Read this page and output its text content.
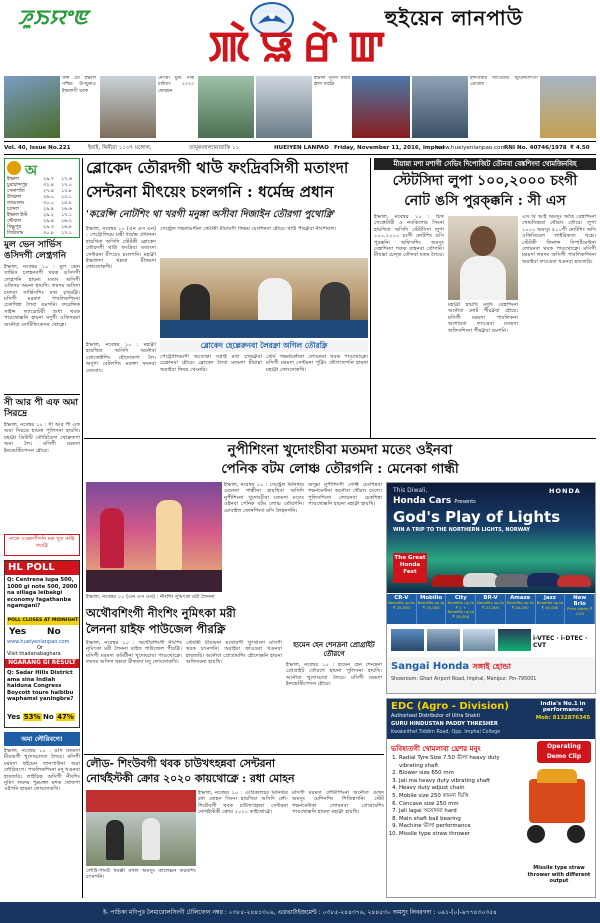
ꯍꯨꯏꯌꯦꯟ	হুইয়েন লানপাউ
ꯄꯥꯎꯔꯥꯛ
থাঙ্গ চৌ ইম্ফাল পশ্চিম উপচুনাও ইম্ফালগী থবক
নোংমী ভুর্মি পীক চাউখৎ ২০২০ ফোরমন
ইম্ফাল পূর্বগী ময়াম ক্লাস থম্মক্নি
ইন্সপায়ার অ্যাওয়ার্ড স্টুডেন্টশিংগী প্রোগ্রাম
Vol. 40, Issue No.221	ইরাই, থিনীরা ১১৩৭ মঙ্গোল,	তামূকলাল্যানাবাকি ১১	HUEIYEN LANPAO Friday, November 11, 2016, Imphal
www.hueiyenlanpao.com
RNI No. 40746/1978 ₹ 4.50
অ
ইম্ফাল	২৯.৭	১৭.৬
চুরাচান্দপুর	৩২.৪	১৭.০
সেনাপতি	২৭.৪	১৩.৮
উখরুল	২৬.০	১৩.১
তামেংলং	৩০.০	১৫.৮
চন্দেল	২৯.৪	১৬.৬
ইম্ফাল ইস্ট	২৯.২	১৭.১
থৌবাল	২৯.৪	১৬.২
বিষ্ণুপুর	২৯.৩	১৬.৮
জিরিবাম	৩০.৮	১৭.১
মুল ভেন সার্ভিস ঙসিদগী লেপ্ত্রগনি
ইম্ফাল, নবেম্বর ১০ : মুল ভেন সার্ভিস চলহনবগী থবক ঙসিদগী লেপ্ত্রগনি হায়না মতাং অসিগী ওফিসর অমনা হায়খি। লমদম অসিদা চংলবা সার্ভিসশিং মখা চত্থরক্নি। মসিগী মরমদা পাবলিকশিংনা চেকশিন্না লৈবা ঙমগনি। ফরেন্সিক সাইন্স ল্যাব্রোটরী শুধা থবক পাঙথোক্কনি হায়না মদুগী ওফিসরনা অনৌবা নোটিফিকেসন থোক্লে।
সী আর পী এফ অমা সিরদ্রে
ইম্ফাল, নবেম্বর ১০ : সী আর পী এফ অমা সিরদ্রে হায়না পুলিসনা হায়খি। মহাক্না ডিউটি তৌরিঙৈদা থোক্লকপা অমা লৈ। মসিগী মরমদা ইনভেস্টিগেসন হৌরে।
নাকে ওক্কেনগীদনি মরু খুত কঞ্জি থম্মক্নি
HL POLL
Q: Centrena lupa 500, 1000 gi note 500, 2000 na sillaga leibakgi economy fagathanba ngamgani?
POLL CLOSES AT MIDNIGHT
Yes No
www.hueiyenlanpao.com
Or
Visit thadanabaghara
NGARANG GI RESULT
Q: Sadar Hills District ama sina Indiah haiduna Congress Boycott toure haibibu waphamsi yaningbra?
Yes 53% No 47%
অমা লৌরিবগে!
ইম্ফাল, নবেম্বর ১০ : ঙসি মতমদা মীয়ামগী খুদোংচাদবা লৈরে। মসিগী মরমদা হুইয়েন লানপাউনা অমা লৌরিবগে। পাবলিকশিংনা মদু খঙনবা হায়জরি। লাইরিক অসিগী নীংশিং নুমিৎ লমদম পুম্নমক্তা মশক থোকপা ওইগনি হায়না ফোংদোকখি।
ব্লোকেদ তৌরদগী থাউ ফংদ্রিবসিগী মতাংদা
সেন্টরনা মীৎয়েং চংলগনি : ধর্মেন্দ্র প্রধান
'করেপ্সি নোটশিং থা খরগী মনুঙ্গা অসীবা দিজাইন তৌরগা পুথোক্নি'
ইম্ফাল, নবেম্বর ১০ (এন এস এন) : পেট্রোলিয়ম মন্ত্রী ধর্মেন্দ্র প্রধাননা হায়খিবা অসিদি স্টেটকী ব্লোকেদ তৌরদগী থাউ ফংদ্রিবা মতাংদা সেন্টরনা মীৎয়েং চংলগনি। মহাক্না ইম্ফালদা থম্লবা মীফমদা ফোংদোকখি।
সেন্ট্রেল গভর্নমেন্টনা স্টেটকী মীয়ামগী ফিভম য়েংশিনবা হৌরে। থাউ পীরক্নবা নীংশিংলি।
ব্লোকেদ হেল্লেরুনবা লৈরক্না অগিল তৌরক্নি
ইম্ফাল, নবেম্বর ১০ : মহাক্না হায়খিবা অসিদি অনৌবা প্রোজেক্টশিং হৌদোকপা লৈ। অদুগা বেটলশিং মরক্তা ফংনবা তেংবাং।
পেট্রোলিয়মগী অতোপ্পা সপ্লাই মখা চত্থরক্নবা চেক্লানবা হৌরে। ব্লোকেদ লৈবা মতমদা মীয়াম্না অরাইবা ফিবম থেংনরি।
স্টেট গভর্নমেন্টকা লোয়নবা থবক পাঙথোক্লে। মসিগী মরমদা সেন্টরনা পুক্নিং থৌগৎলগনি হায়না মহাক্না ফোংদোকখি।
মীয়ান্না মশা মশাগী সেভিং দিপোজিট তৌনবা বেঙ্কশিংদা থোমজিনবিহ
স্টেটসিদা লুপা ১০০,২০০০ চংগী
নোট ঙসি পুরক্ক্কনি : সী এস
ইম্ফাল, নবেম্বর ১০ : চিফ সেক্রেটারী ও নবকিশোর সিংনা হায়খিবা অসিদি স্টেটসিদা লুপা ১০০,২০০০ চংগী নোটশিং ঙসি পুরক্কনি। অফিসশিং অমসুং বেঙ্কশিংদা শরুক য়াহনবা তৌগনি। মীয়াম্না চেন্জ তৌনবা মতম লৈরে।
মহাক্না হায়খি মদুদি বেঙ্কশিংনা অনৌবা নোট পীরক্নবা হৌরে। মসিগী মরমদা পাবলিকনা অশোয়বা ফাওদ্রবা মতমদা অফিসশিংদা পীরক্নবা ঙমগনি।
এস বি আই অমসুং অতৈ বেঙ্কশিংনা খোমজিন্নবা থৌরাং তৌরে। লুপা ১০০০ অমসুং ৫০০গী নোটশিং অসি ওফিসিয়েল লাইরিকতা থম্লে। স্টেটকী ফিনান্স দিপার্টমেন্টনা লোয়নবা থবক পাঙথোক্লে। মসিগী মরমদা লমদম অসিগী পাবলিকশিংনা অরাইবা ফাওদ্রবা খঙনবা হায়জরি।
নুপীশিংনা খুদোংচীবা মতমদা মতেং ওইনবা
পেনিক বটম লোঞ্চ তৌরগনি : মেনেকা গান্ধী
ইম্ফাল, নবেম্বর ১০ : সেন্ট্রেল মিনিস্টর মেনেকা গান্ধীনা হায়খিবা অসিদি নুপীশিংনা খুদোংচীবা মতমদা মতেং ওইনবা পেনিক বটম লোঞ্চ তৌরগনি। মোবাইল ফোনশিংদা মসি লৈহনগনি।
অসুম্না নুপীশিংগী সেফ্টি য়েংশিন্নবা গভর্নমেন্টনা অনৌবা থৌরাং চংলে। পুলিসশিংদা লোয়নবা চেকশিন্না পাঙথোক্কনি হায়না মহাক্না হায়খি।
ইম্ফাল, নবেম্বর ১০ (এন এস এন) : নীংশিং নুমিৎকা মরী লৈননা
অথৌবশিংগী নীংশিং নুমিৎকা মরী
লৈননা য়াইফ পাউজেল পীরক্নি
ইম্ফাল, নবেম্বর ১০ : অথৌবশিংগী নীংশিং নুমিৎকা মরী লৈননা য়াইফ পাউজেল পীরক্নি। মসিগী মরমদা কমিটীনা খুদোংচাবা পাঙথোক্লে। লমদম অসিদা থম্লবা মীফমদা মদু ফোংদোকখি।
স্টেটকী মীয়ামনা মখোয়গী খুৎথাংদা মসিগী থবক চৎনগনি। অরাইবা ফাওদ্রবা খঙনবা হায়জরি। অনৌবা প্রোগ্রামশিং হৌদোক্কনি হায়না অফিসরনা হায়খি।
হ্যমেন হেন শেনদ্রনা প্রোগ্রাইট তৌরগে
ইম্ফাল, নবেম্বর ১০ : হ্যমেন হেন শেনদ্রনা প্রোগ্রাইট তৌরগে হায়না পুলিসনা হায়খি। অনৌবা খুদোংচাবা লৈরে। মসিগী মরমদা ইনভেস্টিগেসন হৌরে।
This Diwali,
Honda Cars Presents
God's Play of Lights
WIN A TRIP TO THE NORTHERN LIGHTS, NORWAY
HONDA
The Great Honda Fest
CR-V
Benefits up to ₹ 25,000
Mobilio
Benefits up to ₹ 70,000
City
Benefits up to ₹ 1 + Benefits up to ₹ 35,000
BR-V
Benefits up to ₹ 21,000
Amaze
Benefits up to ₹ 40,000
Jazz
Benefits up to ₹ 40,000
New Brio
Price starts ₹ 4.29
i-VTEC · i-DTEC · CVT
Sangai Honda সঙ্গাই হোন্ডা
Showroom: Ghari Airport Road, Imphal, Manipur, Pin-795001
লৌড- শিংউবগী থবক চাউখৎহন্নবা সেন্টরনা
নোর্থইস্টকী ক্রোর ২০২০ কায়থোক্নে : রধা মোহন
ইম্ফাল, নবেম্বর ১০ : এগ্রিকালচর মিনিস্টর রধা মোহন সিংনা হায়খিবা অসিদি লৌ-শিংউবগী থবক চাউখৎহন্নবা সেন্টরনা নোর্থইস্টকী ক্রোর ২০২০ কাইথোক্নে।
মসিগী মরমদা লৌমীশিংনা অনৌবা মেথদ অমসুং মেশিনশিং শিজিন্নগনি। স্টেট গভর্নমেন্টকা লোয়নবা প্রোগ্রামশিং পাঙথোক্কনি হায়না মহাক্না হায়খি।
লৌউ-শিংউ থবক্কী মখল অমসুং কালেক্সন ফরমশিং চৎনগনি।
EDC (Agro - Division)
Authorised Distributor of Ultra Shakti
GURU HINDUSTAN PADDY THRESHER
Kwakeithel Tiddim Road, Opp. Imphal College
India's No.1 in performance
Mob: 8132876345
Operating Demo Clip
ভবিষ্যতগী খোমলাবা থ্রেশর মনুং
1. Radial Tyre Size 7.50 ডীলা heavy duty vibrating shaft
2. Blower size 650 mm
3. Jali ma heavy duty vibrating shaft
4. Heavy duty adjust chain
5. Mobile size 250 কায়না ভিত্তি
6. Concave size 250 mm
7. Jali lagai অয়োনবা hard
8. Main shaft ball bearing
9. Machine ভীলা performance
10. Missile type straw thrower
Missile type straw thrower with different output
ই- পাচিকা মণিপুর লৈমারোলসিংগী টেলিফোন নম্বর : ০৩৮৫-২৪৪১৩০৯, এডভার্টাইজমেন্ট : ০৩৮৫-২৪৪৩৭৬, ২৪৪৫৩০ অমসুং লিবরগদা : ০৯১-(০)-৯৭৭৪৩০৩৫৪
